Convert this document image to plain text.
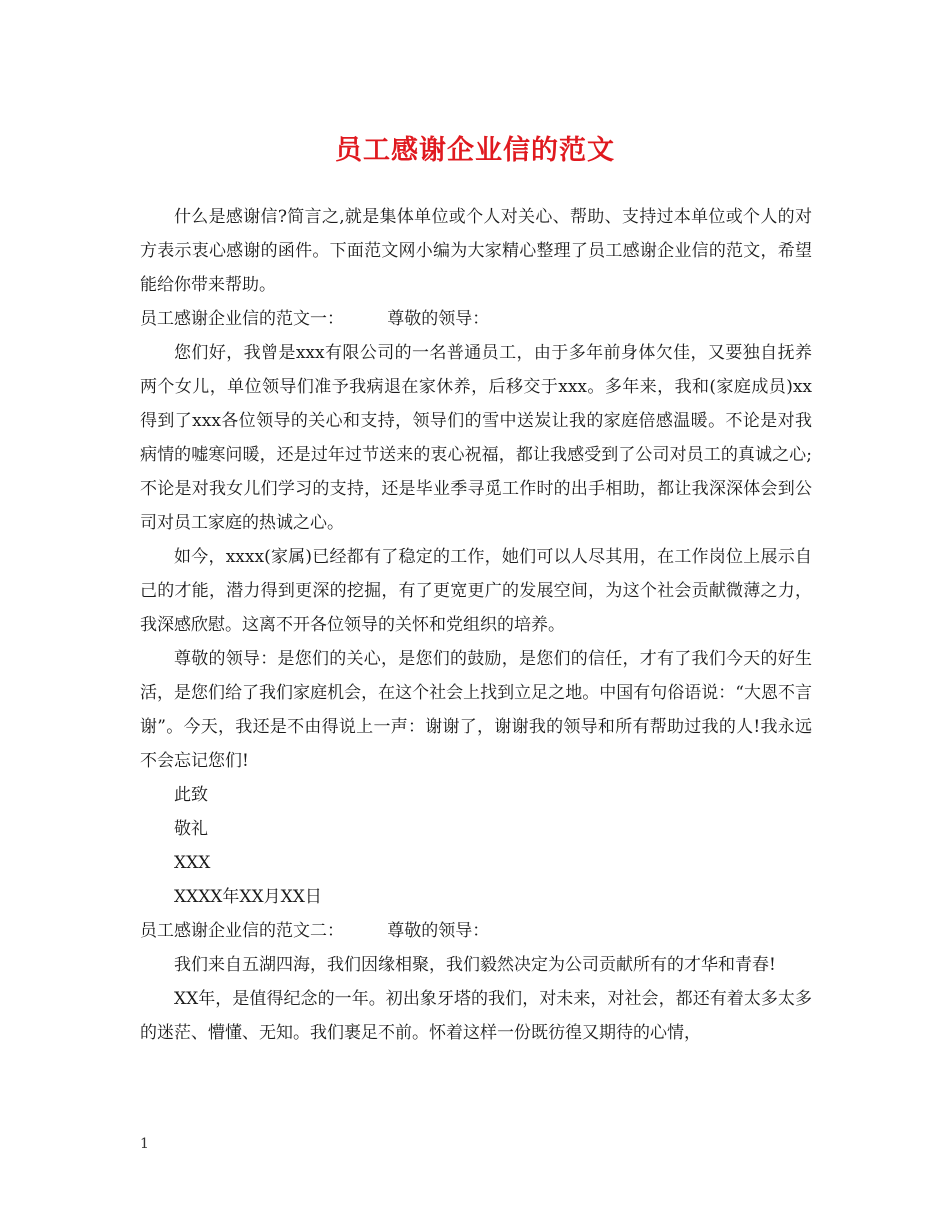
员工感谢企业信的范文

什么是感谢信?简言之,就是集体单位或个人对关心、帮助、支持过本单位或个人的对方表示衷心感谢的函件。下面范文网小编为大家精心整理了员工感谢企业信的范文，希望能给你带来帮助。

员工感谢企业信的范文一：        尊敬的领导：

您们好，我曾是xxx有限公司的一名普通员工，由于多年前身体欠佳，又要独自抚养两个女儿，单位领导们准予我病退在家休养，后移交于xxx。多年来，我和(家庭成员)xx得到了xxx各位领导的关心和支持，领导们的雪中送炭让我的家庭倍感温暖。不论是对我病情的嘘寒问暖，还是过年过节送来的衷心祝福，都让我感受到了公司对员工的真诚之心;不论是对我女儿们学习的支持，还是毕业季寻觅工作时的出手相助，都让我深深体会到公司对员工家庭的热诚之心。

如今，xxxx(家属)已经都有了稳定的工作，她们可以人尽其用，在工作岗位上展示自己的才能，潜力得到更深的挖掘，有了更宽更广的发展空间，为这个社会贡献微薄之力，我深感欣慰。这离不开各位领导的关怀和党组织的培养。

尊敬的领导：是您们的关心，是您们的鼓励，是您们的信任，才有了我们今天的好生活，是您们给了我们家庭机会，在这个社会上找到立足之地。中国有句俗语说：“大恩不言谢”。今天，我还是不由得说上一声：谢谢了，谢谢我的领导和所有帮助过我的人!我永远不会忘记您们!

此致

敬礼

XXX

XXXX年XX月XX日

员工感谢企业信的范文二：        尊敬的领导：

我们来自五湖四海，我们因缘相聚，我们毅然决定为公司贡献所有的才华和青春!

XX年，是值得纪念的一年。初出象牙塔的我们，对未来，对社会，都还有着太多太多的迷茫、懵懂、无知。我们裹足不前。怀着这样一份既彷徨又期待的心情，

1
